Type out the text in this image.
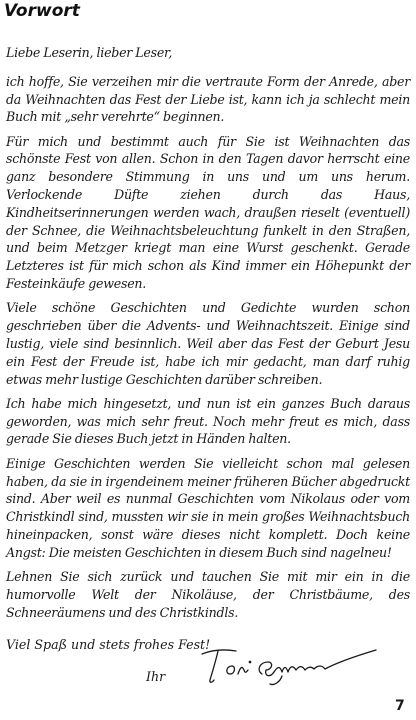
Vorwort

Liebe Leserin, lieber Leser,

ich hoffe, Sie verzeihen mir die vertraute Form der Anrede, aber da Weihnachten das Fest der Liebe ist, kann ich ja schlecht mein Buch mit „sehr verehrte“ beginnen.

Für mich und bestimmt auch für Sie ist Weihnachten das schönste Fest von allen. Schon in den Tagen davor herrscht eine ganz besondere Stimmung in uns und um uns herum. Verlockende Düfte ziehen durch das Haus, Kindheitserinnerungen werden wach, draußen rieselt (eventuell) der Schnee, die Weihnachtsbeleuchtung funkelt in den Straßen, und beim Metzger kriegt man eine Wurst geschenkt. Gerade Letzteres ist für mich schon als Kind immer ein Höhepunkt der Festeinkäufe gewesen.

Viele schöne Geschichten und Gedichte wurden schon geschrieben über die Advents- und Weihnachtszeit. Einige sind lustig, viele sind besinnlich. Weil aber das Fest der Geburt Jesu ein Fest der Freude ist, habe ich mir gedacht, man darf ruhig etwas mehr lustige Geschichten darüber schreiben.

Ich habe mich hingesetzt, und nun ist ein ganzes Buch daraus geworden, was mich sehr freut. Noch mehr freut es mich, dass gerade Sie dieses Buch jetzt in Händen halten.

Einige Geschichten werden Sie vielleicht schon mal gelesen haben, da sie in irgendeinem meiner früheren Bücher abgedruckt sind. Aber weil es nunmal Geschichten vom Nikolaus oder vom Christkindl sind, mussten wir sie in mein großes Weihnachtsbuch hineinpacken, sonst wäre dieses nicht komplett. Doch keine Angst: Die meisten Geschichten in diesem Buch sind nagelneu!

Lehnen Sie sich zurück und tauchen Sie mit mir ein in die humorvolle Welt der Nikoläuse, der Christbäume, des Schneeräumens und des Christkindls.

Viel Spaß und stets frohes Fest!
Ihr
7
